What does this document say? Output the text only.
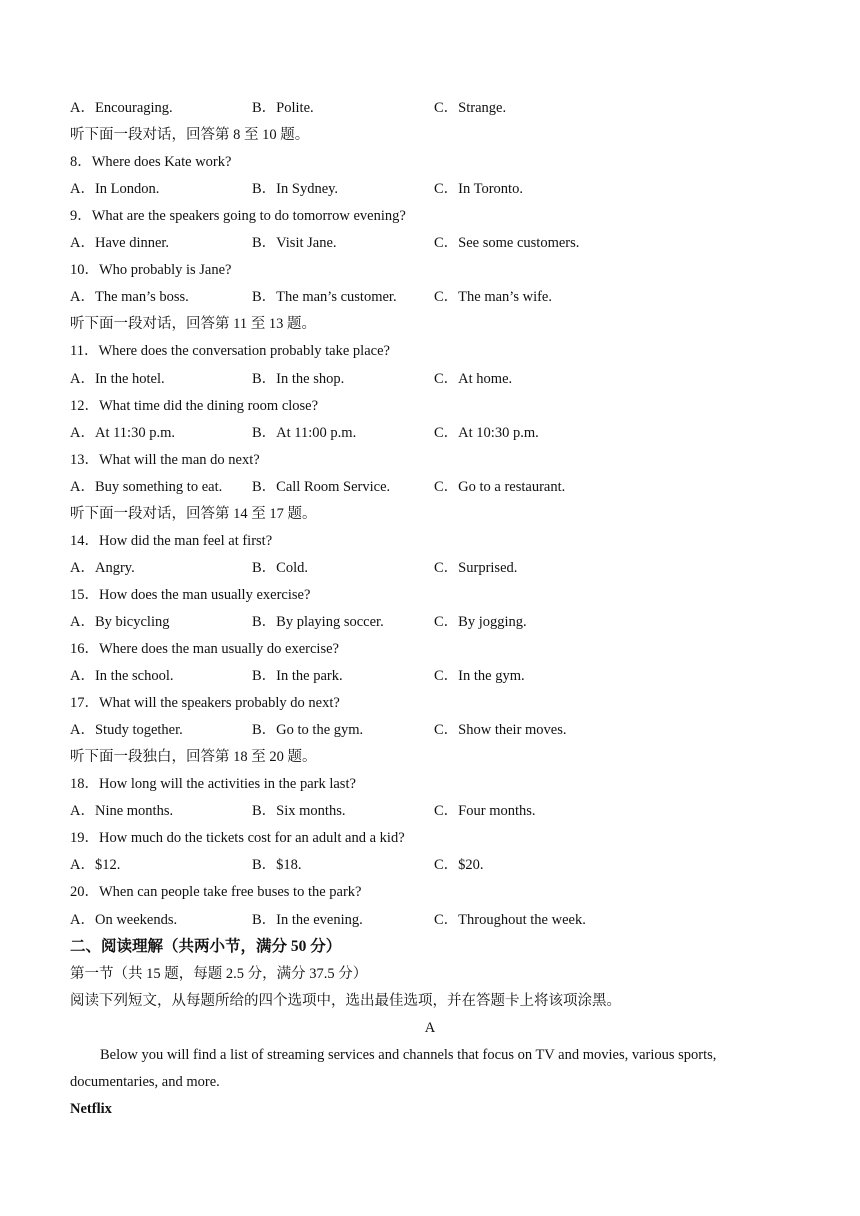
A．Encouraging.	B．Polite.	C．Strange.
听下面一段对话，回答第 8 至 10 题。
8．Where does Kate work?
A．In London.	B．In Sydney.	C．In Toronto.
9．What are the speakers going to do tomorrow evening?
A．Have dinner.	B．Visit Jane.	C．See some customers.
10．Who probably is Jane?
A．The man’s boss.	B．The man’s customer.	C．The man’s wife.
听下面一段对话，回答第 11 至 13 题。
11．Where does the conversation probably take place?
A．In the hotel.	B．In the shop.	C．At home.
12．What time did the dining room close?
A．At 11:30 p.m.	B．At 11:00 p.m.	C．At 10:30 p.m.
13．What will the man do next?
A．Buy something to eat. B．Call Room Service.	C．Go to a restaurant.
听下面一段对话，回答第 14 至 17 题。
14．How did the man feel at first?
A．Angry.	B．Cold.	C．Surprised.
15．How does the man usually exercise?
A．By bicycling	B．By playing soccer.	C．By jogging.
16．Where does the man usually do exercise?
A．In the school.	B．In the park.	C．In the gym.
17．What will the speakers probably do next?
A．Study together.	B．Go to the gym.	C．Show their moves.
听下面一段独白，回答第 18 至 20 题。
18．How long will the activities in the park last?
A．Nine months.	B．Six months.	C．Four months.
19．How much do the tickets cost for an adult and a kid?
A．$12.	B．$18.	C．$20.
20．When can people take free buses to the park?
A．On weekends.	B．In the evening.	C．Throughout the week.
二、阅读理解（共两小节，满分 50 分）
第一节（共 15 题，每题 2.5 分，满分 37.5 分）
阅读下列短文，从每题所给的四个选项中，选出最佳选项，并在答题卡上将该项涂黑。
A
Below you will find a list of streaming services and channels that focus on TV and movies, various sports, documentaries, and more.
Netflix
